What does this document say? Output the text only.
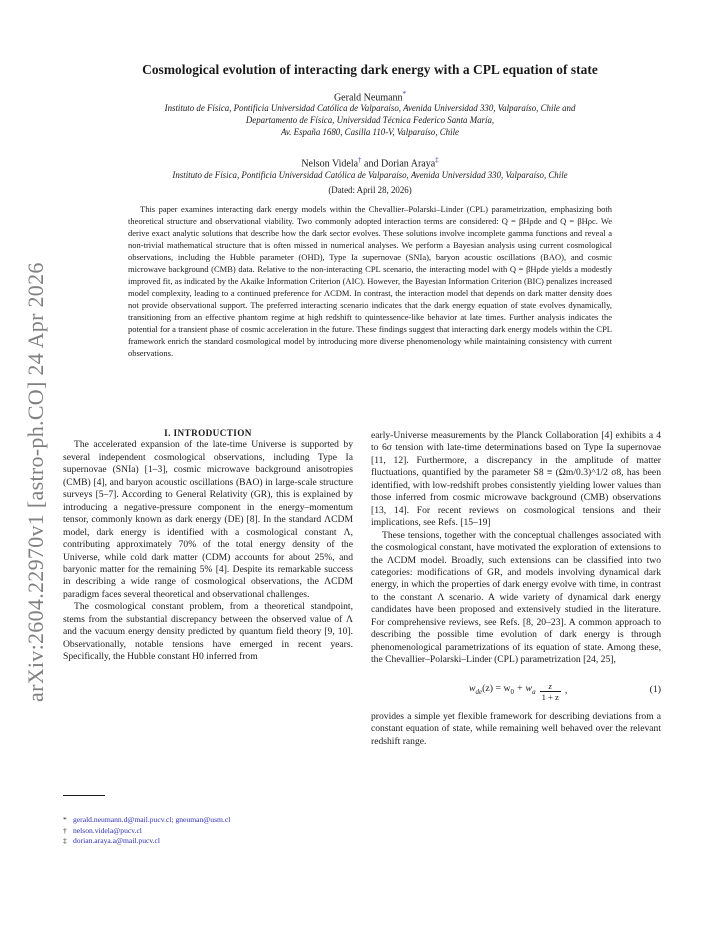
arXiv:2604.22970v1 [astro-ph.CO] 24 Apr 2026
Cosmological evolution of interacting dark energy with a CPL equation of state
Gerald Neumann*
Instituto de Física, Pontificia Universidad Católica de Valparaíso, Avenida Universidad 330, Valparaíso, Chile and
Departamento de Física, Universidad Técnica Federico Santa María,
Av. España 1680, Casilla 110-V, Valparaíso, Chile
Nelson Videla† and Dorian Araya‡
Instituto de Física, Pontificia Universidad Católica de Valparaíso, Avenida Universidad 330, Valparaíso, Chile
(Dated: April 28, 2026)
This paper examines interacting dark energy models within the Chevallier–Polarski–Linder (CPL) parametrization, emphasizing both theoretical structure and observational viability. Two commonly adopted interaction terms are considered: Q = βHρde and Q = βHρc. We derive exact analytic solutions that describe how the dark sector evolves. These solutions involve incomplete gamma functions and reveal a non-trivial mathematical structure that is often missed in numerical analyses. We perform a Bayesian analysis using current cosmological observations, including the Hubble parameter (OHD), Type Ia supernovae (SNIa), baryon acoustic oscillations (BAO), and cosmic microwave background (CMB) data. Relative to the non-interacting CPL scenario, the interacting model with Q = βHρde yields a modestly improved fit, as indicated by the Akaike Information Criterion (AIC). However, the Bayesian Information Criterion (BIC) penalizes increased model complexity, leading to a continued preference for ΛCDM. In contrast, the interaction model that depends on dark matter density does not provide observational support. The preferred interacting scenario indicates that the dark energy equation of state evolves dynamically, transitioning from an effective phantom regime at high redshift to quintessence-like behavior at late times. Further analysis indicates the potential for a transient phase of cosmic acceleration in the future. These findings suggest that interacting dark energy models within the CPL framework enrich the standard cosmological model by introducing more diverse phenomenology while maintaining consistency with current observations.

I. INTRODUCTION

The accelerated expansion of the late-time Universe is supported by several independent cosmological observations, including Type Ia supernovae (SNIa) [1–3], cosmic microwave background anisotropies (CMB) [4], and baryon acoustic oscillations (BAO) in large-scale structure surveys [5–7]. According to General Relativity (GR), this is explained by introducing a negative-pressure component in the energy–momentum tensor, commonly known as dark energy (DE) [8]. In the standard ΛCDM model, dark energy is identified with a cosmological constant Λ, contributing approximately 70% of the total energy density of the Universe, while cold dark matter (CDM) accounts for about 25%, and baryonic matter for the remaining 5% [4]. Despite its remarkable success in describing a wide range of cosmological observations, the ΛCDM paradigm faces several theoretical and observational challenges.

The cosmological constant problem, from a theoretical standpoint, stems from the substantial discrepancy between the observed value of Λ and the vacuum energy density predicted by quantum field theory [9, 10]. Observationally, notable tensions have emerged in recent years. Specifically, the Hubble constant H0 inferred from

early-Universe measurements by the Planck Collaboration [4] exhibits a 4 to 6σ tension with late-time determinations based on Type Ia supernovae [11, 12]. Furthermore, a discrepancy in the amplitude of matter fluctuations, quantified by the parameter S8 ≡ (Ωm/0.3)^1/2 σ8, has been identified, with low-redshift probes consistently yielding lower values than those inferred from cosmic microwave background (CMB) observations [13, 14]. For recent reviews on cosmological tensions and their implications, see Refs. [15–19]

These tensions, together with the conceptual challenges associated with the cosmological constant, have motivated the exploration of extensions to the ΛCDM model. Broadly, such extensions can be classified into two categories: modifications of GR, and models involving dynamical dark energy, in which the properties of dark energy evolve with time, in contrast to the constant Λ scenario. A wide variety of dynamical dark energy candidates have been proposed and extensively studied in the literature. For comprehensive reviews, see Refs. [8, 20–23]. A common approach to describing the possible time evolution of dark energy is through phenomenological parametrizations of its equation of state. Among these, the Chevallier–Polarski–Linder (CPL) parametrization [24, 25],

$w_{de}(z) = w_0 + w_a \frac{z}{1 + z}$ ,	(1)

provides a simple yet flexible framework for describing deviations from a constant equation of state, while remaining well behaved over the relevant redshift range.

* gerald.neumann.d@mail.pucv.cl; gneuman@usm.cl
† nelson.videla@pucv.cl
‡ dorian.araya.a@mail.pucv.cl
